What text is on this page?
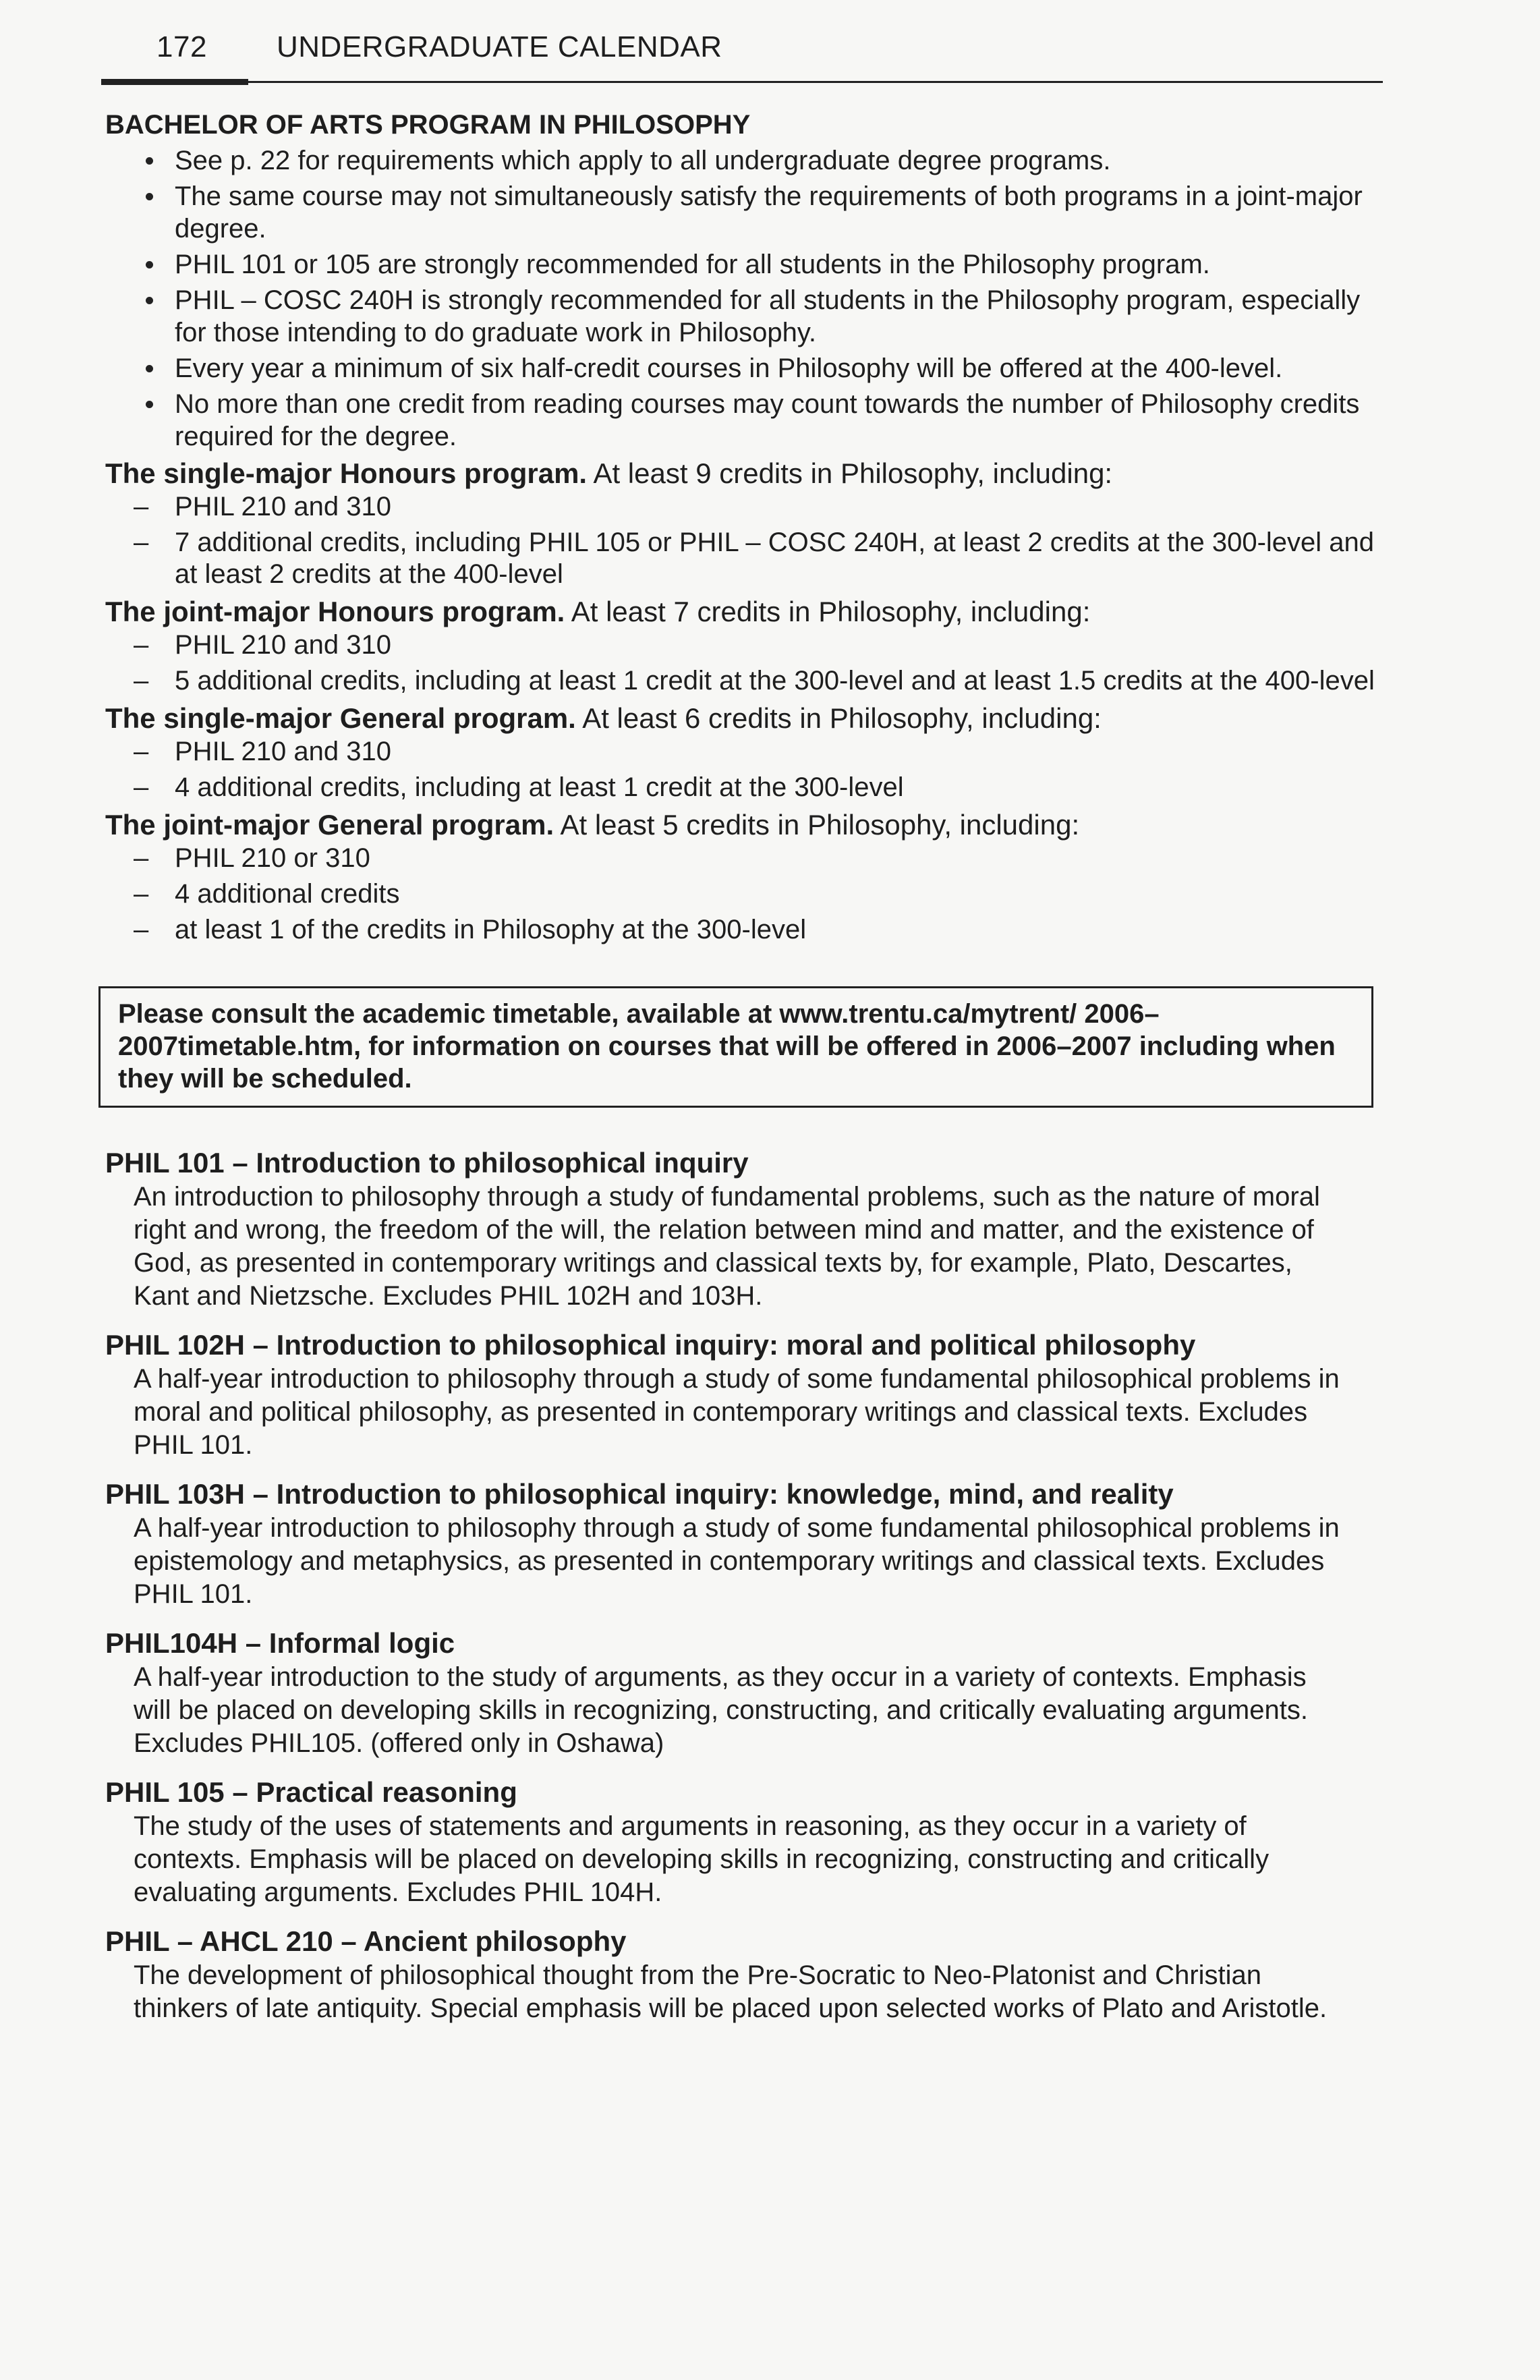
172	UNDERGRADUATE CALENDAR
BACHELOR OF ARTS PROGRAM IN PHILOSOPHY
See p. 22 for requirements which apply to all undergraduate degree programs.
The same course may not simultaneously satisfy the requirements of both programs in a joint-major degree.
PHIL 101 or 105 are strongly recommended for all students in the Philosophy program.
PHIL – COSC 240H is strongly recommended for all students in the Philosophy program, especially for those intending to do graduate work in Philosophy.
Every year a minimum of six half-credit courses in Philosophy will be offered at the 400-level.
No more than one credit from reading courses may count towards the number of Philosophy credits required for the degree.
The single-major Honours program. At least 9 credits in Philosophy, including:
– PHIL 210 and 310
– 7 additional credits, including PHIL 105 or PHIL – COSC 240H, at least 2 credits at the 300-level and at least 2 credits at the 400-level
The joint-major Honours program. At least 7 credits in Philosophy, including:
– PHIL 210 and 310
– 5 additional credits, including at least 1 credit at the 300-level and at least 1.5 credits at the 400-level
The single-major General program. At least 6 credits in Philosophy, including:
– PHIL 210 and 310
– 4 additional credits, including at least 1 credit at the 300-level
The joint-major General program. At least 5 credits in Philosophy, including:
– PHIL 210 or 310
– 4 additional credits
– at least 1 of the credits in Philosophy at the 300-level
Please consult the academic timetable, available at www.trentu.ca/mytrent/ 2006–2007timetable.htm, for information on courses that will be offered in 2006–2007 including when they will be scheduled.
PHIL 101 – Introduction to philosophical inquiry
An introduction to philosophy through a study of fundamental problems, such as the nature of moral right and wrong, the freedom of the will, the relation between mind and matter, and the existence of God, as presented in contemporary writings and classical texts by, for example, Plato, Descartes, Kant and Nietzsche. Excludes PHIL 102H and 103H.
PHIL 102H – Introduction to philosophical inquiry: moral and political philosophy
A half-year introduction to philosophy through a study of some fundamental philosophical problems in moral and political philosophy, as presented in contemporary writings and classical texts. Excludes PHIL 101.
PHIL 103H – Introduction to philosophical inquiry: knowledge, mind, and reality
A half-year introduction to philosophy through a study of some fundamental philosophical problems in epistemology and metaphysics, as presented in contemporary writings and classical texts. Excludes PHIL 101.
PHIL104H – Informal logic
A half-year introduction to the study of arguments, as they occur in a variety of contexts. Emphasis will be placed on developing skills in recognizing, constructing, and critically evaluating arguments. Excludes PHIL105. (offered only in Oshawa)
PHIL 105 – Practical reasoning
The study of the uses of statements and arguments in reasoning, as they occur in a variety of contexts. Emphasis will be placed on developing skills in recognizing, constructing and critically evaluating arguments. Excludes PHIL 104H.
PHIL – AHCL 210 – Ancient philosophy
The development of philosophical thought from the Pre-Socratic to Neo-Platonist and Christian thinkers of late antiquity. Special emphasis will be placed upon selected works of Plato and Aristotle.
